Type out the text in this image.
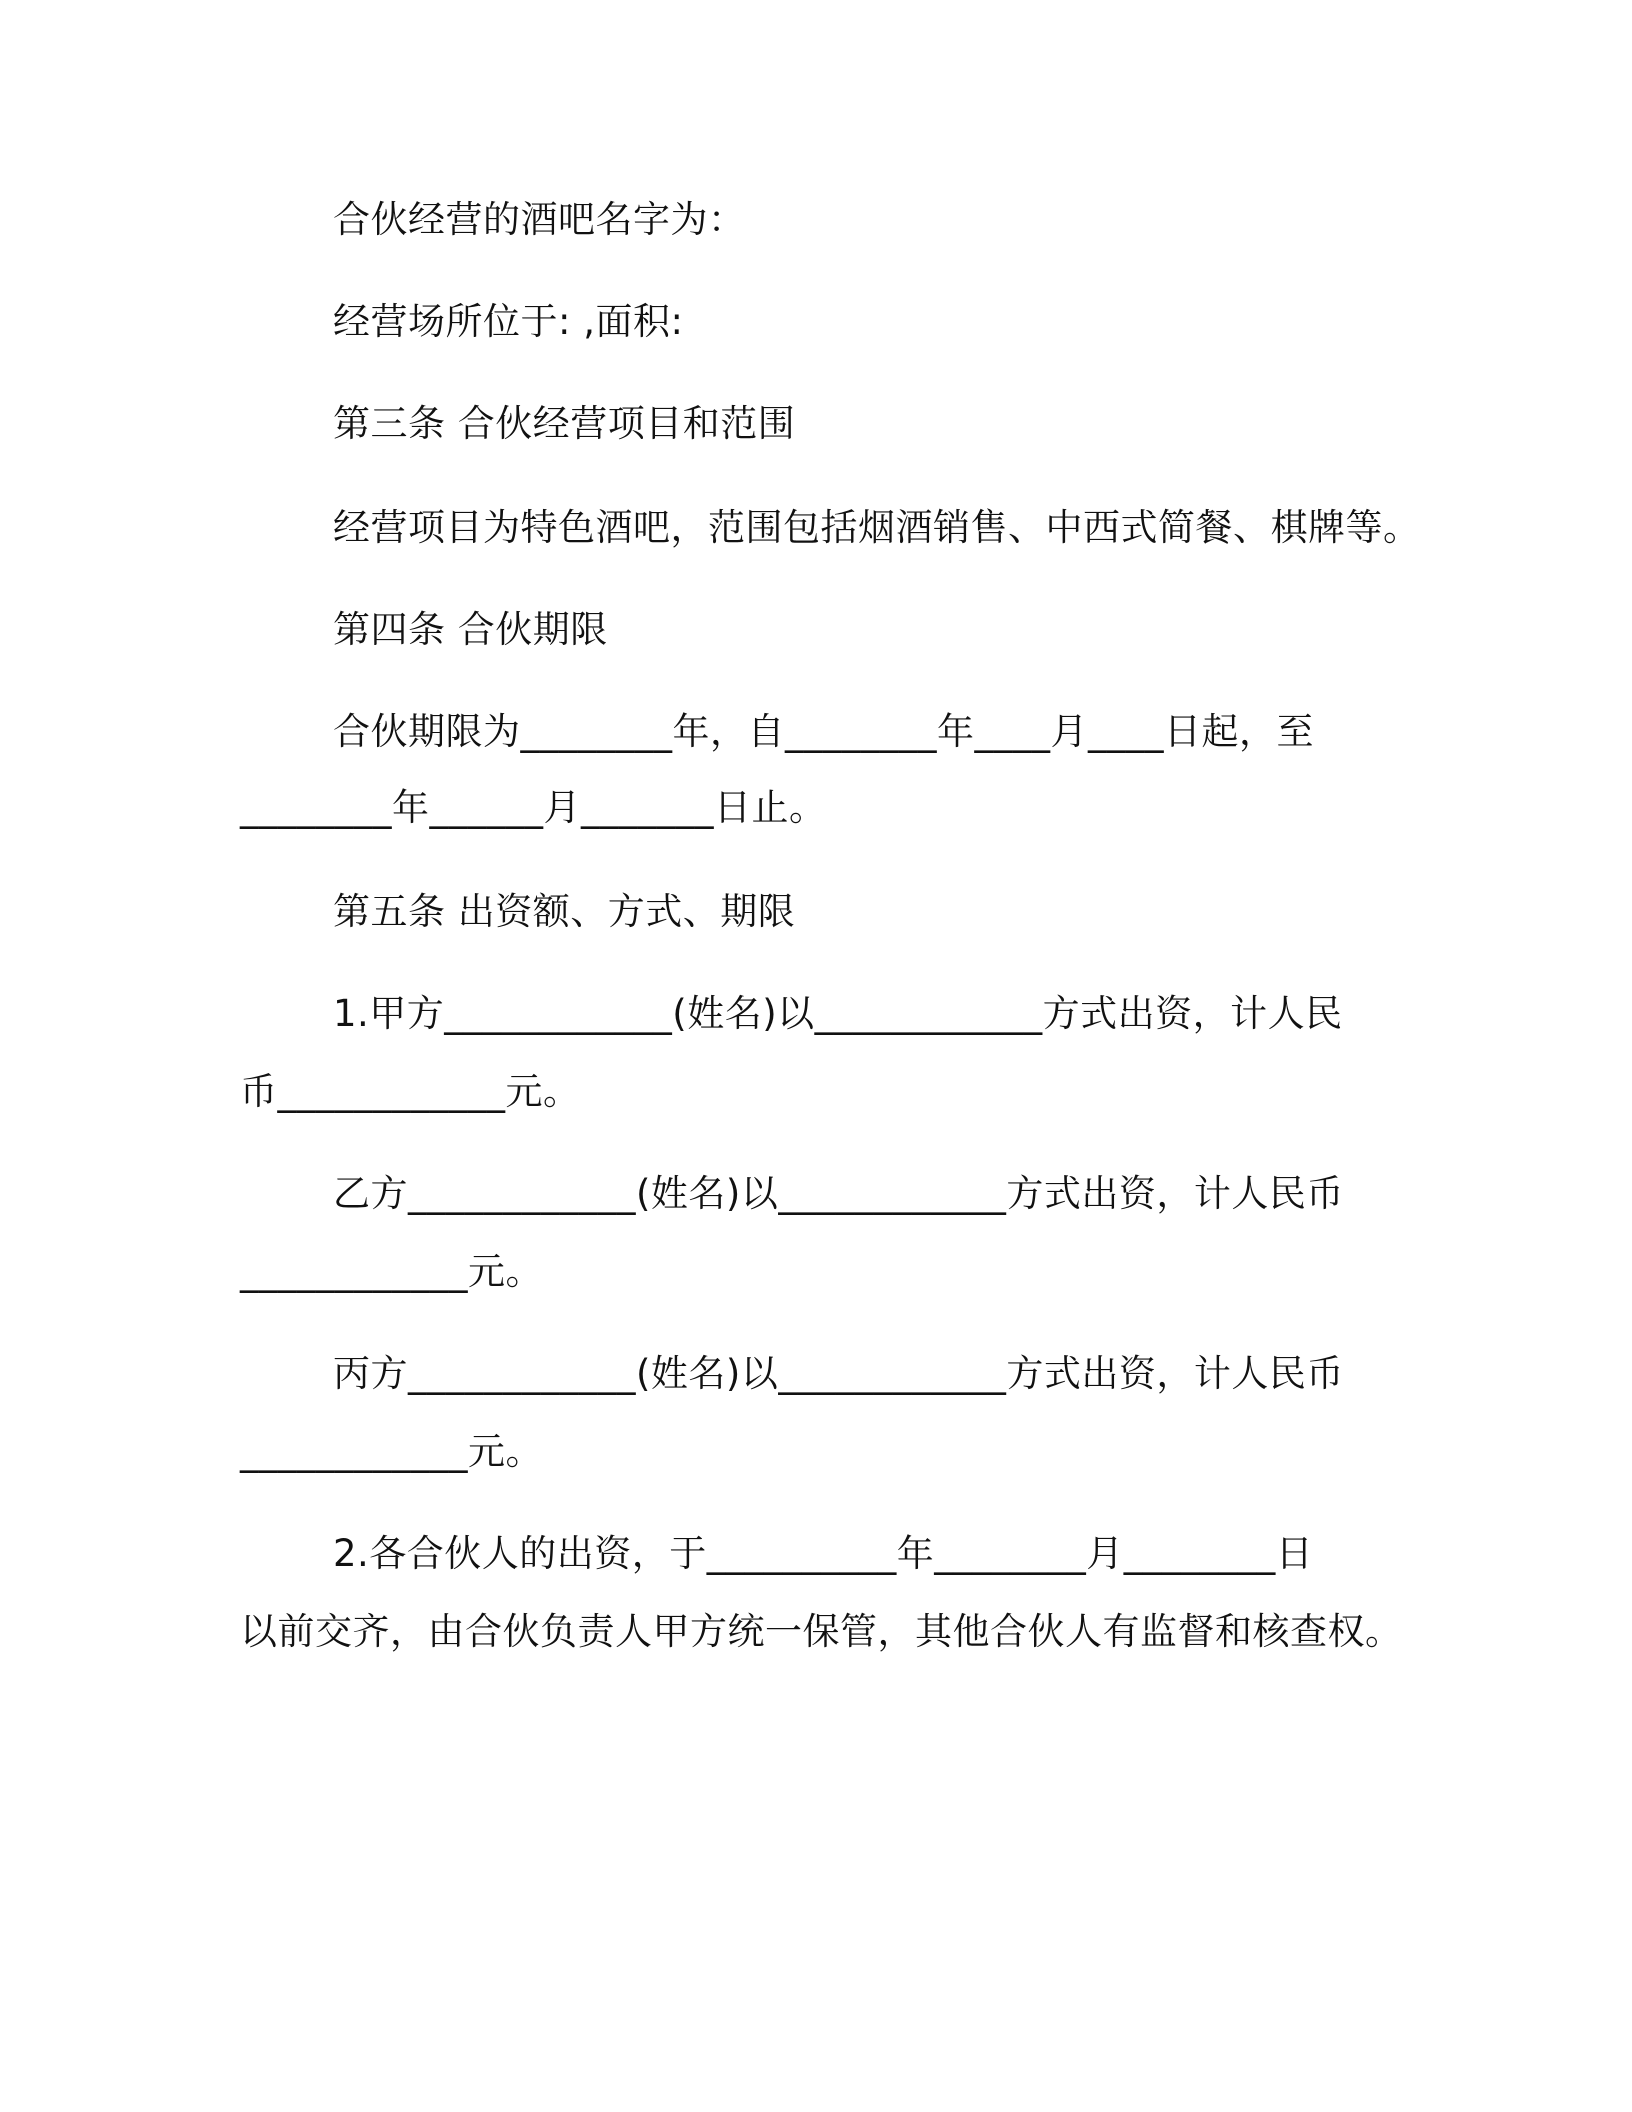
合伙经营的酒吧名字为：

经营场所位于: ,面积:

第三条 合伙经营项目和范围

经营项目为特色酒吧，范围包括烟酒销售、中西式简餐、棋牌等。

第四条 合伙期限

合伙期限为________年，自________年____月____日起，至

________年______月_______日止。

第五条 出资额、方式、期限

1.甲方____________(姓名)以____________方式出资，计人民

币____________元。

乙方____________(姓名)以____________方式出资，计人民币

____________元。

丙方____________(姓名)以____________方式出资，计人民币

____________元。

2.各合伙人的出资，于__________年________月________日

以前交齐，由合伙负责人甲方统一保管，其他合伙人有监督和核查权。
